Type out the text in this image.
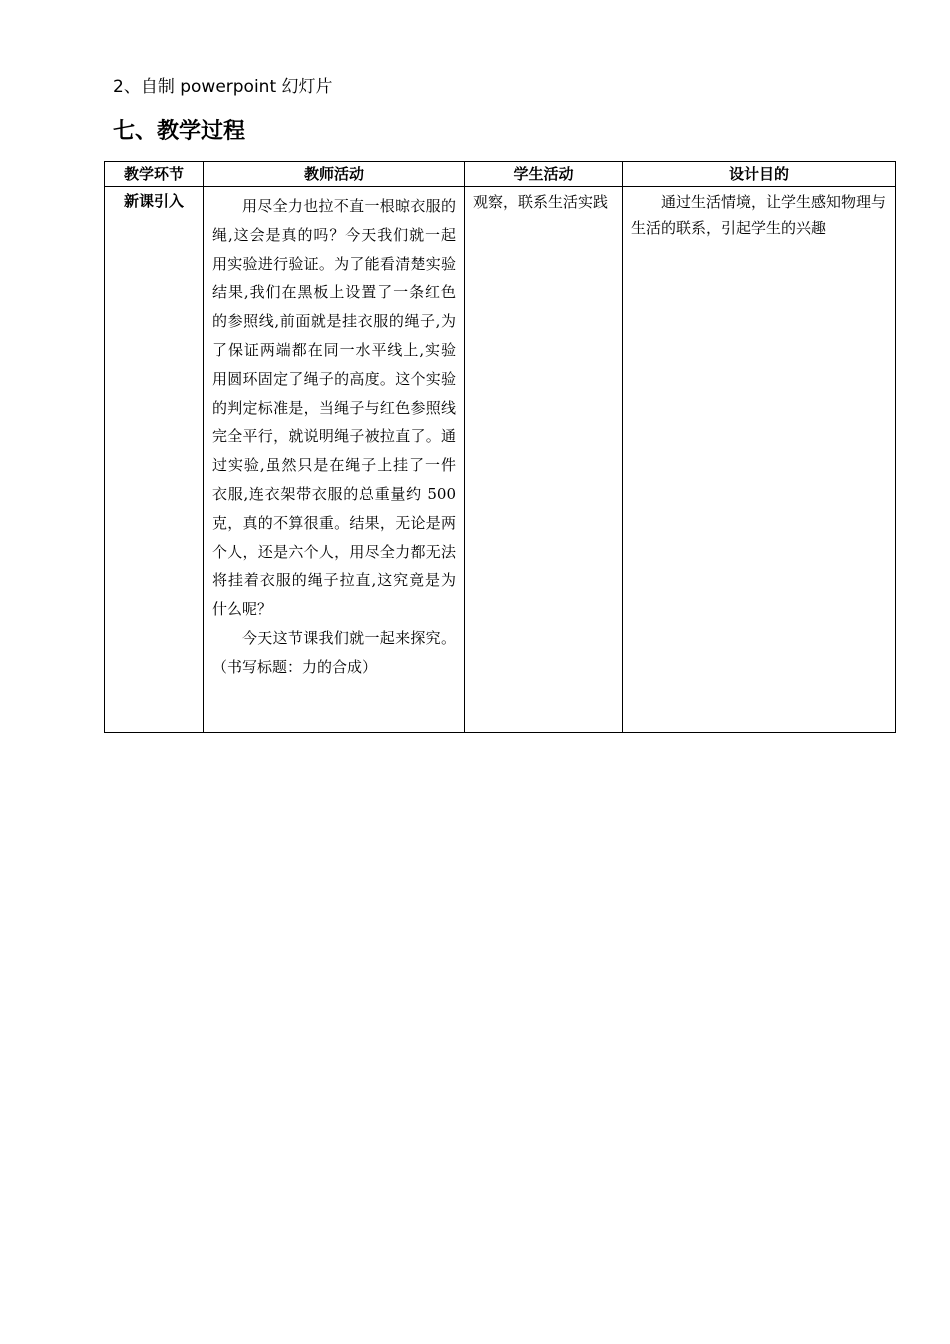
2、自制 powerpoint 幻灯片
七、教学过程
教学环节	教师活动	学生活动	设计目的
新课引入	用尽全力也拉不直一根晾衣服的绳,这会是真的吗？今天我们就一起用实验进行验证。为了能看清楚实验结果,我们在黑板上设置了一条红色的参照线,前面就是挂衣服的绳子,为了保证两端都在同一水平线上,实验用圆环固定了绳子的高度。这个实验的判定标准是，当绳子与红色参照线完全平行，就说明绳子被拉直了。通过实验,虽然只是在绳子上挂了一件衣服,连衣架带衣服的总重量约 500 克，真的不算很重。结果，无论是两个人，还是六个人，用尽全力都无法将挂着衣服的绳子拉直,这究竟是为什么呢？

今天这节课我们就一起来探究。（书写标题：力的合成）	观察，联系生活实践	通过生活情境，让学生感知物理与生活的联系，引起学生的兴趣
